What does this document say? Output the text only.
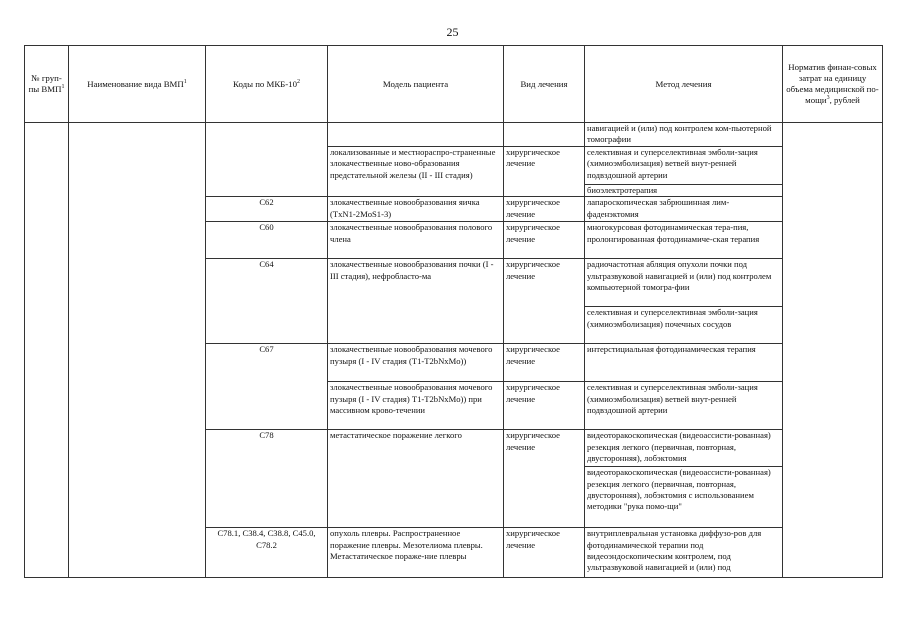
25
№ груп-пы ВМП$^1$	Наименование вида ВМП$^1$	Коды по МКБ-$10^2$	Модель пациента	Вид лечения	Метод лечения	Норматив финан-совых затрат на единицу объема медицинской по-мощи$^3$, рублей
					навигацией и (или) под контролем ком-пьютерной томографии	
			локализованные и местнораспро-страненные злокачественные ново-образования предстательной железы (II - III стадия)	хирургическое лечение	селективная и суперселективная эмболи-зация (химиоэмболизация) ветвей внут-ренней подвздошной артерии	
					биоэлектротерапия	
		C62	злокачественные новообразования яичка (TxN1-2MoS1-3)	хирургическое лечение	лапароскопическая забрюшинная лим-фаденэктомия	
		C60	злокачественные новообразования полового члена	хирургическое лечение	многокурсовая фотодинамическая тера-пия, пролонгированная фотодинамиче-ская терапия	
		C64	злокачественные новообразования почки (I - III стадия), нефробласто-ма	хирургическое лечение	радиочастотная абляция опухоли почки под ультразвуковой навигацией и (или) под контролем компьютерной томогра-фии	
					селективная и суперселективная эмболи-зация (химиоэмболизация) почечных сосудов	
		C67	злокачественные новообразования мочевого пузыря (I - IV стадия (T1-T2bNxMo))	хирургическое лечение	интерстициальная фотодинамическая терапия	
			злокачественные новообразования мочевого пузыря (I - IV стадия) T1-T2bNxMo)) при массивном крово-течении	хирургическое лечение	селективная и суперселективная эмболи-зация (химиоэмболизация) ветвей внут-ренней подвздошной артерии	
		C78	метастатическое поражение легкого	хирургическое лечение	видеоторакоскопическая (видеоассисти-рованная) резекция легкого (первичная, повторная, двусторонняя), лобэктомия	
					видеоторакоскопическая (видеоассисти-рованная) резекция легкого (первичная, повторная, двусторонняя), лобэктомия с использованием методики "рука помо-щи"	
		C78.1, C38.4, C38.8, C45.0, C78.2	опухоль плевры. Распространенное поражение плевры. Мезотелиома плевры. Метастатическое пораже-ние плевры	хирургическое лечение	внутриплевральная установка диффузо-ров для фотодинамической терапии под видеоэндоскопическим контролем, под ультразвуковой навигацией и (или) под	
